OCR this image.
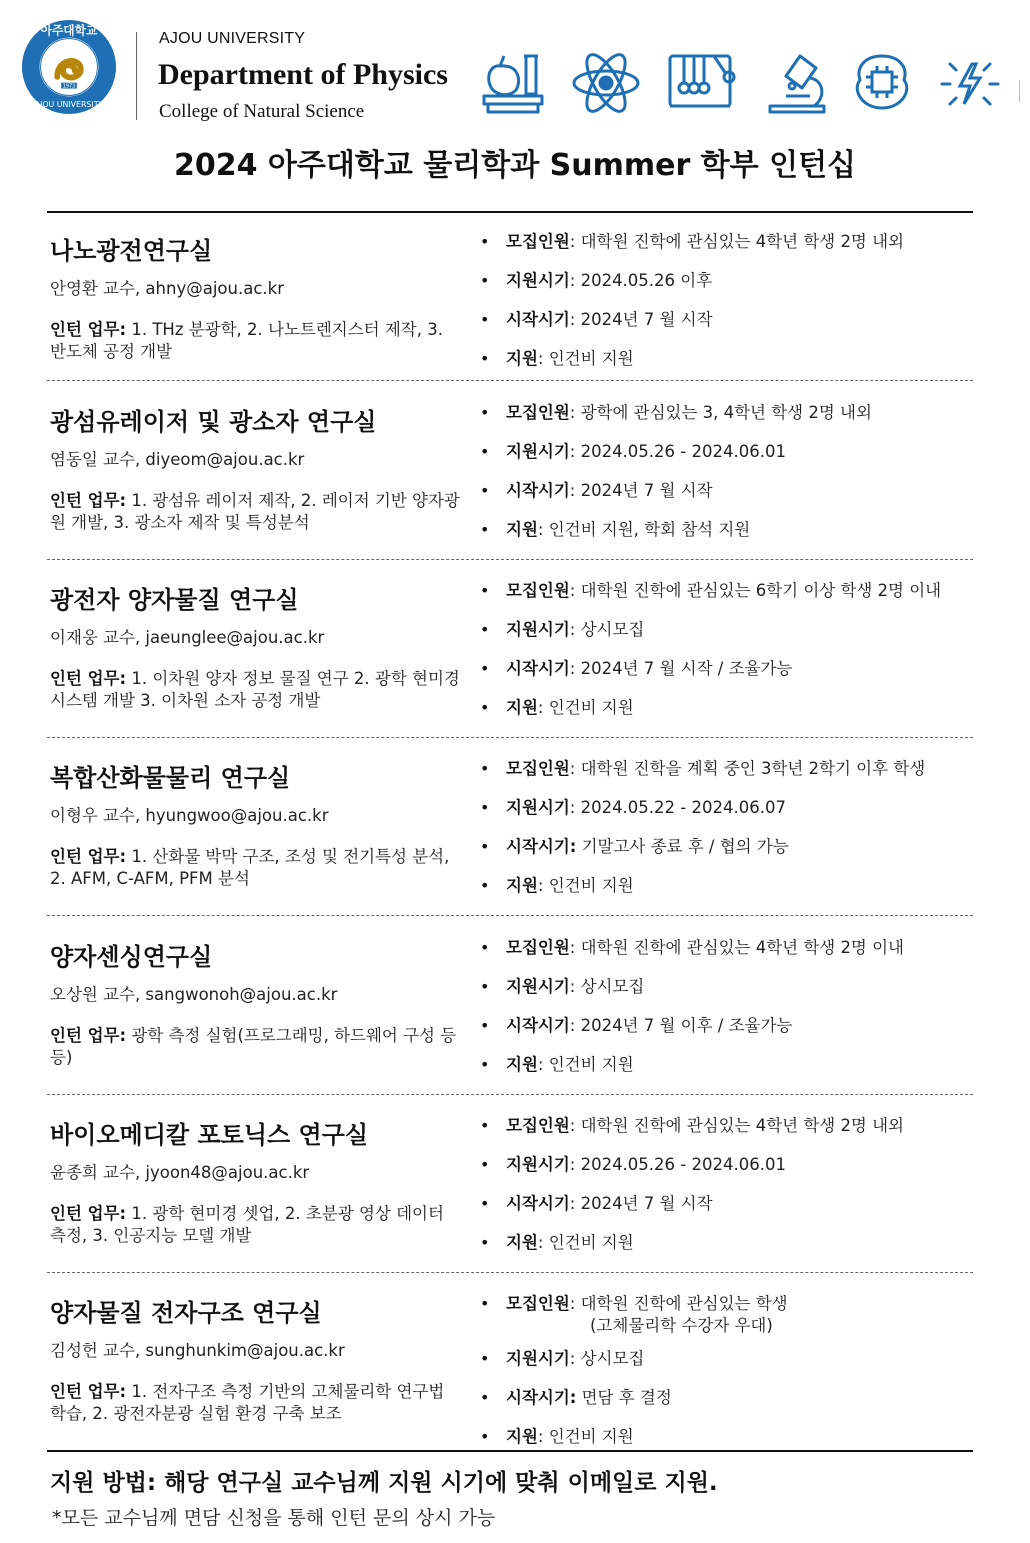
1973
아주대학교
AJOU UNIVERSITY
AJOU UNIVERSITY
Department of Physics
College of Natural Science
2024 아주대학교 물리학과 Summer 학부 인턴십
나노광전연구실
안영환 교수, ahny@ajou.ac.kr
인턴 업무: 1. THz 분광학, 2. 나노트렌지스터 제작, 3. 반도체 공정 개발
• 모집인원: 대학원 진학에 관심있는 4학년 학생 2명 내외
• 지원시기: 2024.05.26 이후
• 시작시기: 2024년 7 월 시작
• 지원: 인건비 지원
광섬유레이저 및 광소자 연구실
염동일 교수, diyeom@ajou.ac.kr
인턴 업무: 1. 광섬유 레이저 제작, 2. 레이저 기반 양자광원 개발, 3. 광소자 제작 및 특성분석
• 모집인원: 광학에 관심있는 3, 4학년 학생 2명 내외
• 지원시기: 2024.05.26 - 2024.06.01
• 시작시기: 2024년 7 월 시작
• 지원: 인건비 지원, 학회 참석 지원
광전자 양자물질 연구실
이재웅 교수, jaeunglee@ajou.ac.kr
인턴 업무: 1. 이차원 양자 정보 물질 연구 2. 광학 현미경 시스템 개발 3. 이차원 소자 공정 개발
• 모집인원: 대학원 진학에 관심있는 6학기 이상 학생 2명 이내
• 지원시기: 상시모집
• 시작시기: 2024년 7 월 시작 / 조율가능
• 지원: 인건비 지원
복합산화물물리 연구실
이형우 교수, hyungwoo@ajou.ac.kr
인턴 업무: 1. 산화물 박막 구조, 조성 및 전기특성 분석, 2. AFM, C-AFM, PFM 분석
• 모집인원: 대학원 진학을 계획 중인 3학년 2학기 이후 학생
• 지원시기: 2024.05.22 - 2024.06.07
• 시작시기: 기말고사 종료 후 / 협의 가능
• 지원: 인건비 지원
양자센싱연구실
오상원 교수, sangwonoh@ajou.ac.kr
인턴 업무: 광학 측정 실험(프로그래밍, 하드웨어 구성 등등)
• 모집인원: 대학원 진학에 관심있는 4학년 학생 2명 이내
• 지원시기: 상시모집
• 시작시기: 2024년 7 월 이후 / 조율가능
• 지원: 인건비 지원
바이오메디칼 포토닉스 연구실
윤종희 교수, jyoon48@ajou.ac.kr
인턴 업무: 1. 광학 현미경 셋업, 2. 초분광 영상 데이터 측정, 3. 인공지능 모델 개발
• 모집인원: 대학원 진학에 관심있는 4학년 학생 2명 내외
• 지원시기: 2024.05.26 - 2024.06.01
• 시작시기: 2024년 7 월 시작
• 지원: 인건비 지원
양자물질 전자구조 연구실
김성헌 교수, sunghunkim@ajou.ac.kr
인턴 업무: 1. 전자구조 측정 기반의 고체물리학 연구법 학습, 2. 광전자분광 실험 환경 구축 보조
• 모집인원: 대학원 진학에 관심있는 학생
(고체물리학 수강자 우대)
• 지원시기: 상시모집
• 시작시기: 면담 후 결정
• 지원: 인건비 지원
지원 방법: 해당 연구실 교수님께 지원 시기에 맞춰 이메일로 지원.
*모든 교수님께 면담 신청을 통해 인턴 문의 상시 가능
